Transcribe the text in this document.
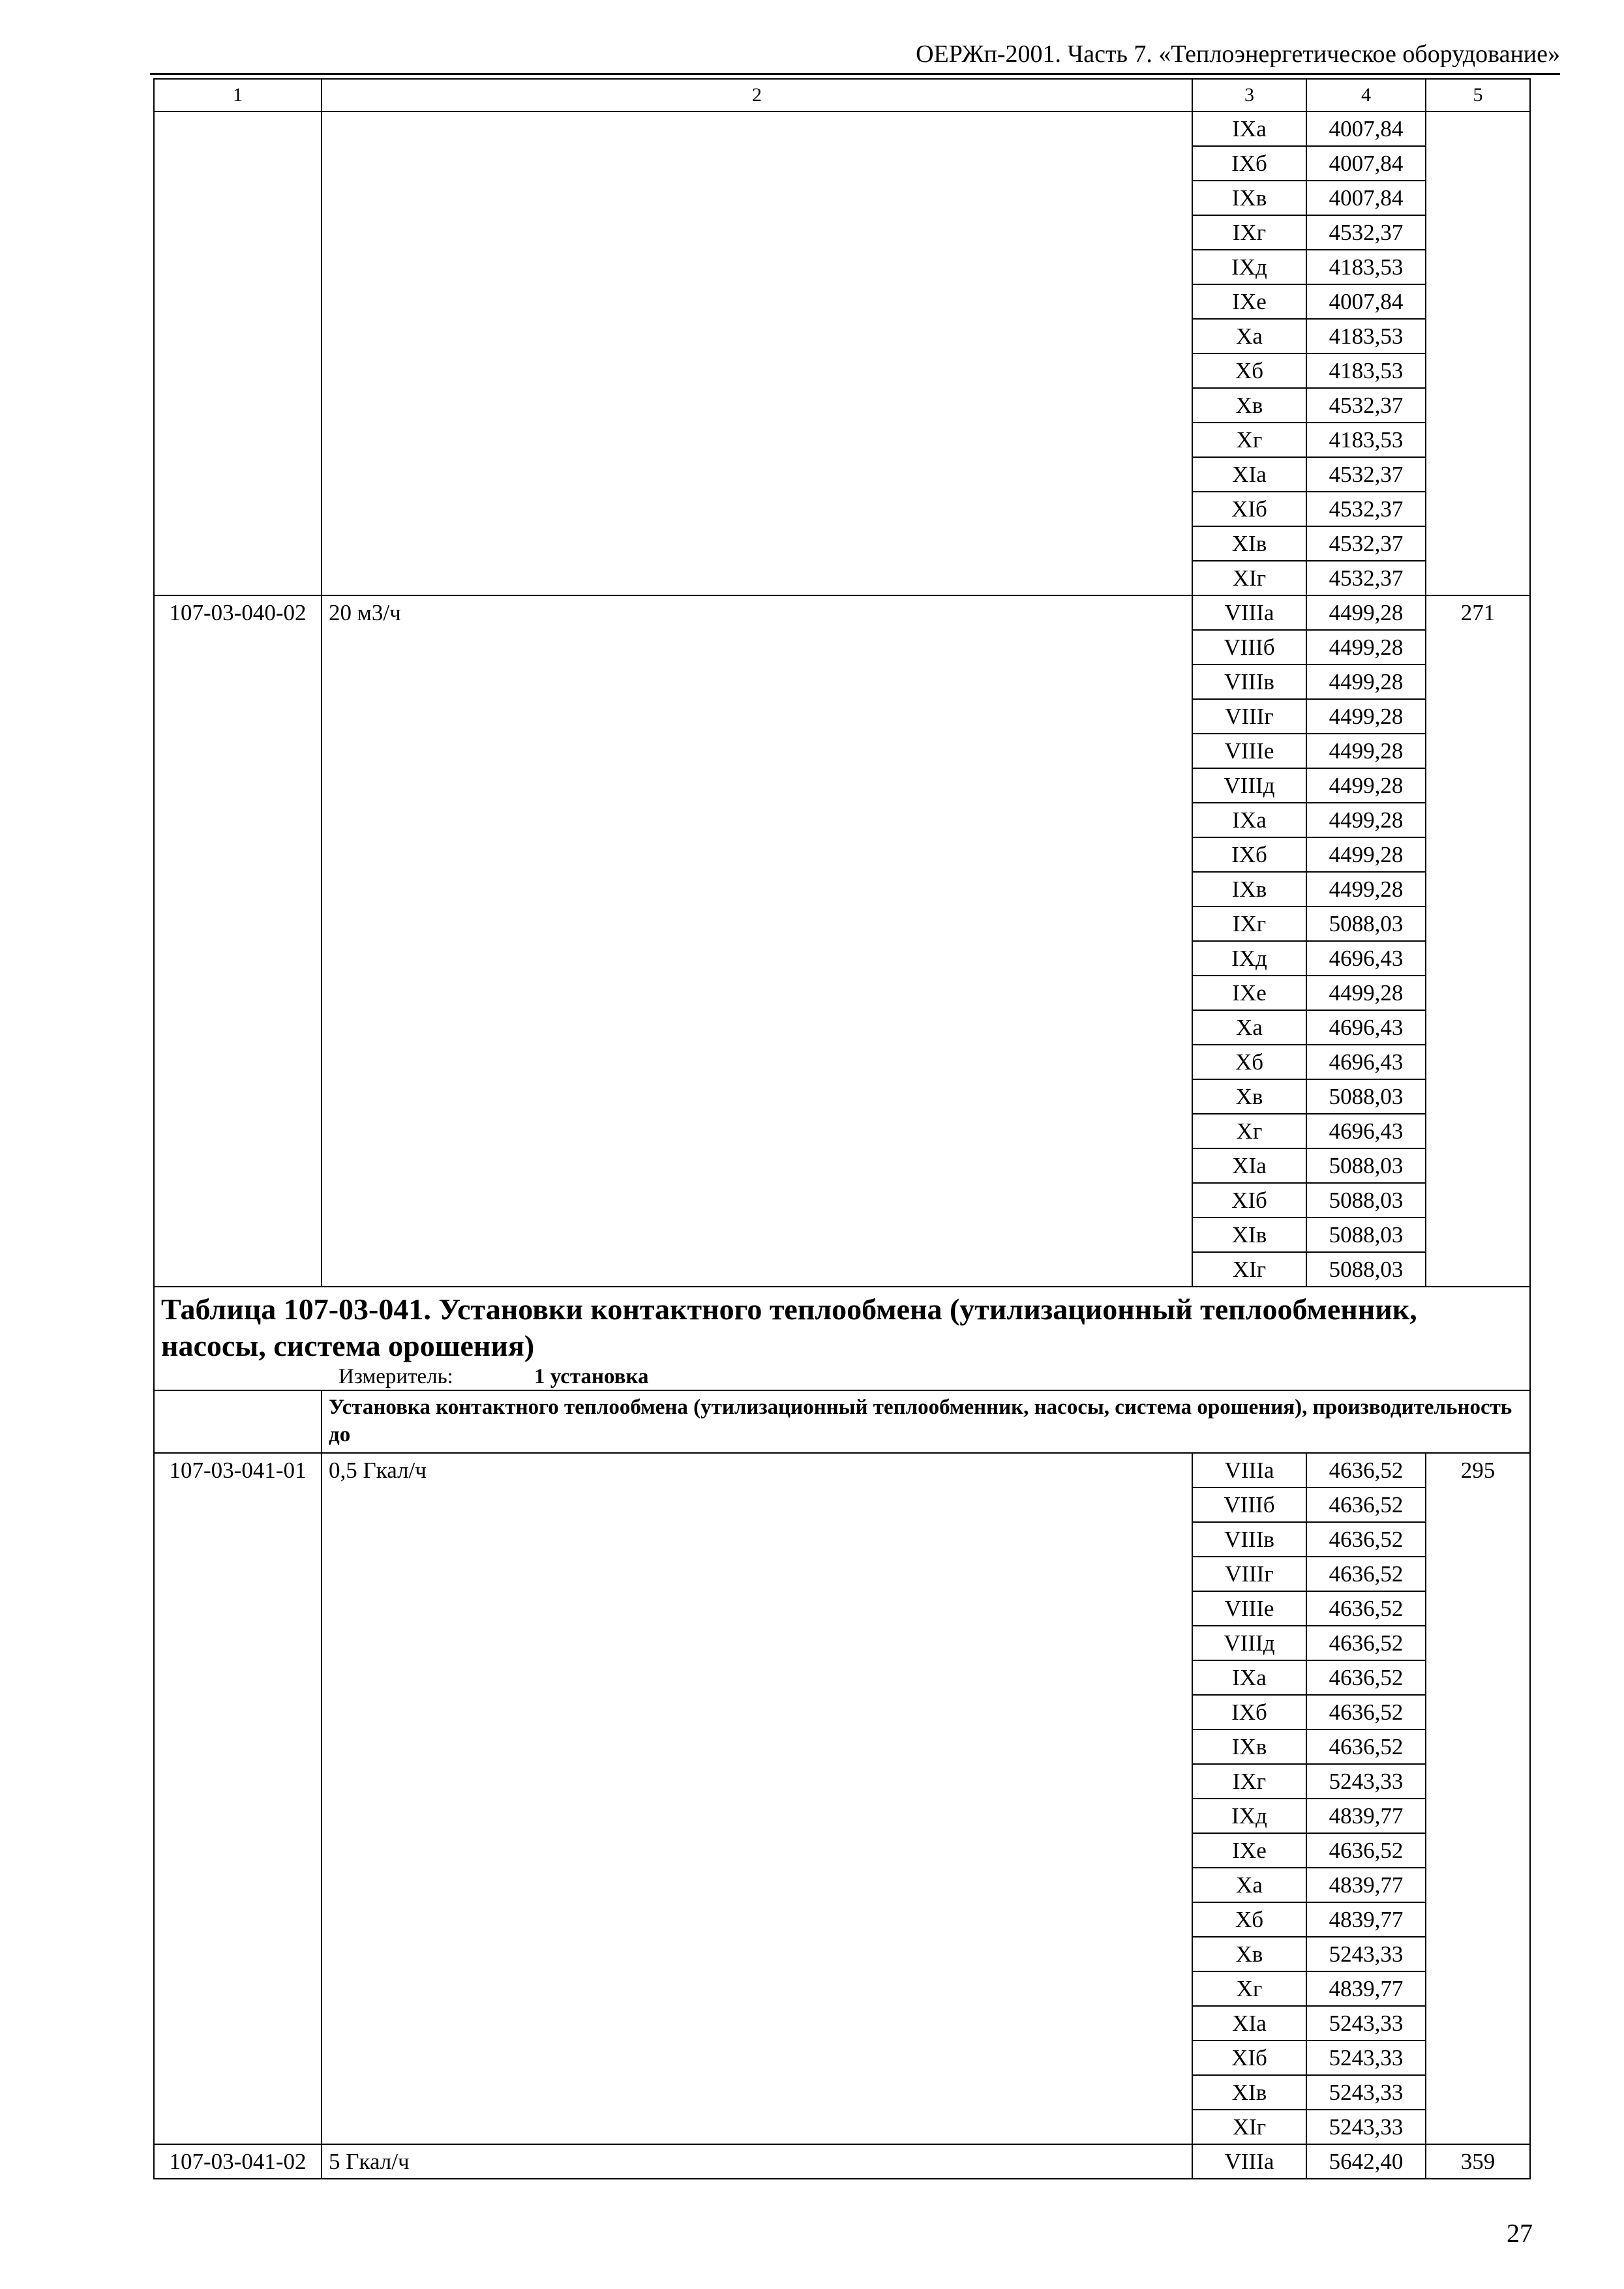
ОЕРЖп-2001. Часть 7. «Теплоэнергетическое оборудование»
1	2	3	4	5
		IXа	4007,84	
		IXб	4007,84	
		IXв	4007,84	
		IXг	4532,37	
		IXд	4183,53	
		IXе	4007,84	
		Xа	4183,53	
		Xб	4183,53	
		Xв	4532,37	
		Xг	4183,53	
		XIа	4532,37	
		XIб	4532,37	
		XIв	4532,37	
		XIг	4532,37	
107-03-040-02	20 м3/ч	VIIIа	4499,28	271
		VIIIб	4499,28	
		VIIIв	4499,28	
		VIIIг	4499,28	
		VIIIе	4499,28	
		VIIIд	4499,28	
		IXа	4499,28	
		IXб	4499,28	
		IXв	4499,28	
		IXг	5088,03	
		IXд	4696,43	
		IXе	4499,28	
		Xа	4696,43	
		Xб	4696,43	
		Xв	5088,03	
		Xг	4696,43	
		XIа	5088,03	
		XIб	5088,03	
		XIв	5088,03	
		XIг	5088,03	
Таблица 107-03-041. Установки контактного теплообмена (утилизационный теплообменник, насосы, система орошения)				
Измеритель: 1 установка				
	Установка контактного теплообмена (утилизационный теплообменник, насосы, система орошения), производительность до			
107-03-041-01	0,5 Гкал/ч	VIIIа	4636,52	295
		VIIIб	4636,52	
		VIIIв	4636,52	
		VIIIг	4636,52	
		VIIIе	4636,52	
		VIIIд	4636,52	
		IXа	4636,52	
		IXб	4636,52	
		IXв	4636,52	
		IXг	5243,33	
		IXд	4839,77	
		IXе	4636,52	
		Xа	4839,77	
		Xб	4839,77	
		Xв	5243,33	
		Xг	4839,77	
		XIа	5243,33	
		XIб	5243,33	
		XIв	5243,33	
		XIг	5243,33	
107-03-041-02	5 Гкал/ч	VIIIа	5642,40	359
27
